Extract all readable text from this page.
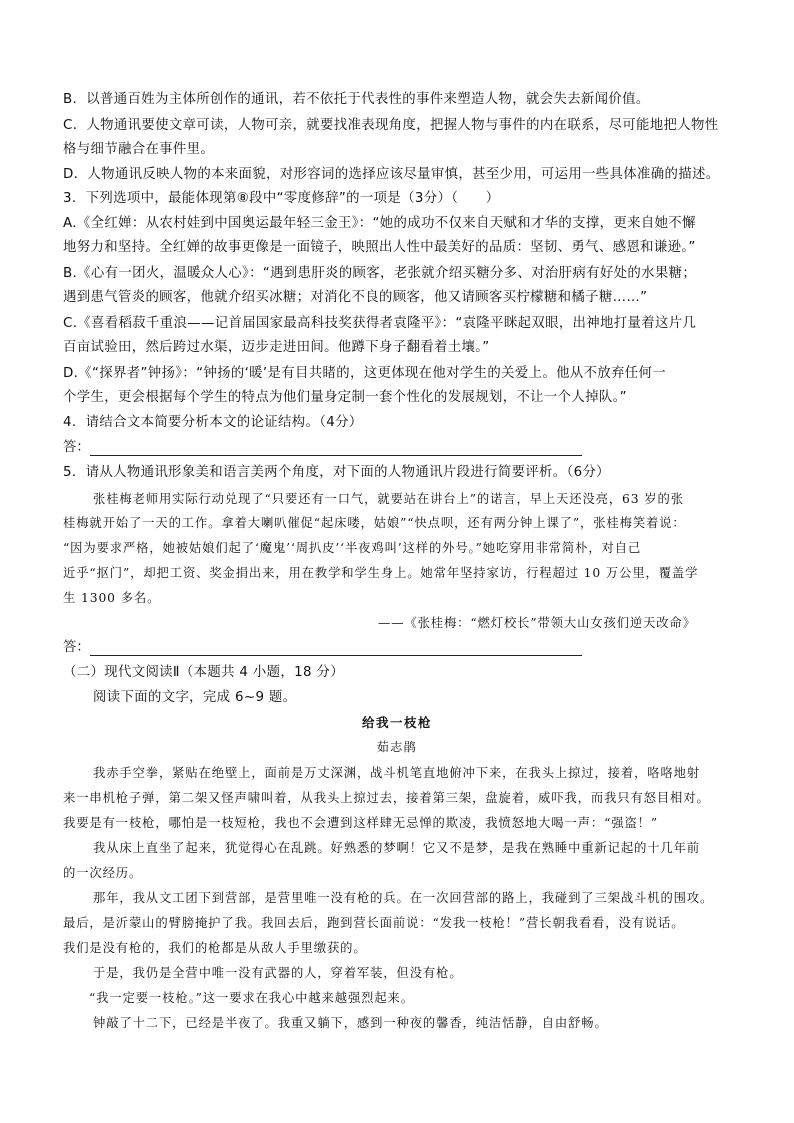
B．以普通百姓为主体所创作的通讯，若不依托于代表性的事件来塑造人物，就会失去新闻价值。
C．人物通讯要使文章可读，人物可亲，就要找准表现角度，把握人物与事件的内在联系，尽可能地把人物性
格与细节融合在事件里。
D．人物通讯反映人物的本来面貌，对形容词的选择应该尽量审慎，甚至少用，可运用一些具体准确的描述。
3．下列选项中，最能体现第⑧段中“零度修辞”的一项是（3分）（　　）
A.《全红婵：从农村娃到中国奥运最年轻三金王》：“她的成功不仅来自天赋和才华的支撑，更来自她不懈
地努力和坚持。全红婵的故事更像是一面镜子，映照出人性中最美好的品质：坚韧、勇气、感恩和谦逊。”
B.《心有一团火，温暖众人心》：“遇到患肝炎的顾客，老张就介绍买糖分多、对治肝病有好处的水果糖；
遇到患气管炎的顾客，他就介绍买冰糖；对消化不良的顾客，他又请顾客买柠檬糖和橘子糖……”
C.《喜看稻菽千重浪——记首届国家最高科技奖获得者袁隆平》：“袁隆平眯起双眼，出神地打量着这片几
百亩试验田，然后跨过水渠，迈步走进田间。他蹲下身子翻看着土壤。”
D.《“探界者”钟扬》：“钟扬的‘暖’是有目共睹的，这更体现在他对学生的关爱上。他从不放弃任何一
个学生，更会根据每个学生的特点为他们量身定制一套个性化的发展规划，不让一个人掉队。”
4．请结合文本简要分析本文的论证结构。（4分）
答：
5．请从人物通讯形象美和语言美两个角度，对下面的人物通讯片段进行简要评析。（6分）
张桂梅老师用实际行动兑现了“只要还有一口气，就要站在讲台上”的诺言，早上天还没亮，63 岁的张
桂梅就开始了一天的工作。拿着大喇叭催促“起床喽，姑娘”“快点呗，还有两分钟上课了”，张桂梅笑着说：
“因为要求严格，她被姑娘们起了‘魔鬼’‘周扒皮’‘半夜鸡叫’这样的外号。”她吃穿用非常简朴，对自己
近乎“抠门”，却把工资、奖金捐出来，用在教学和学生身上。她常年坚持家访，行程超过 10 万公里，覆盖学
生 1300 多名。
——《张桂梅：“燃灯校长”带领大山女孩们逆天改命》
答：
（二）现代文阅读Ⅱ（本题共 4 小题，18 分）
阅读下面的文字，完成 6~9 题。
给我一枝枪
茹志鹃
我赤手空拳，紧贴在绝壁上，面前是万丈深渊，战斗机笔直地俯冲下来，在我头上掠过，接着，咯咯地射
来一串机枪子弹，第二架又怪声啸叫着，从我头上掠过去，接着第三架，盘旋着，威吓我，而我只有怒目相对。
我要是有一枝枪，哪怕是一枝短枪，我也不会遭到这样肆无忌惮的欺凌，我愤怒地大喝一声：“强盗！”
我从床上直坐了起来，犹觉得心在乱跳。好熟悉的梦啊！它又不是梦，是我在熟睡中重新记起的十几年前
的一次经历。
那年，我从文工团下到营部，是营里唯一没有枪的兵。在一次回营部的路上，我碰到了三架战斗机的围攻。
最后，是沂蒙山的臂膀掩护了我。我回去后，跑到营长面前说：“发我一枝枪！”营长朝我看看，没有说话。
我们是没有枪的，我们的枪都是从敌人手里缴获的。
于是，我仍是全营中唯一没有武器的人，穿着军装，但没有枪。
“我一定要一枝枪。”这一要求在我心中越来越强烈起来。
钟敲了十二下，已经是半夜了。我重又躺下，感到一种夜的馨香，纯洁恬静，自由舒畅。
